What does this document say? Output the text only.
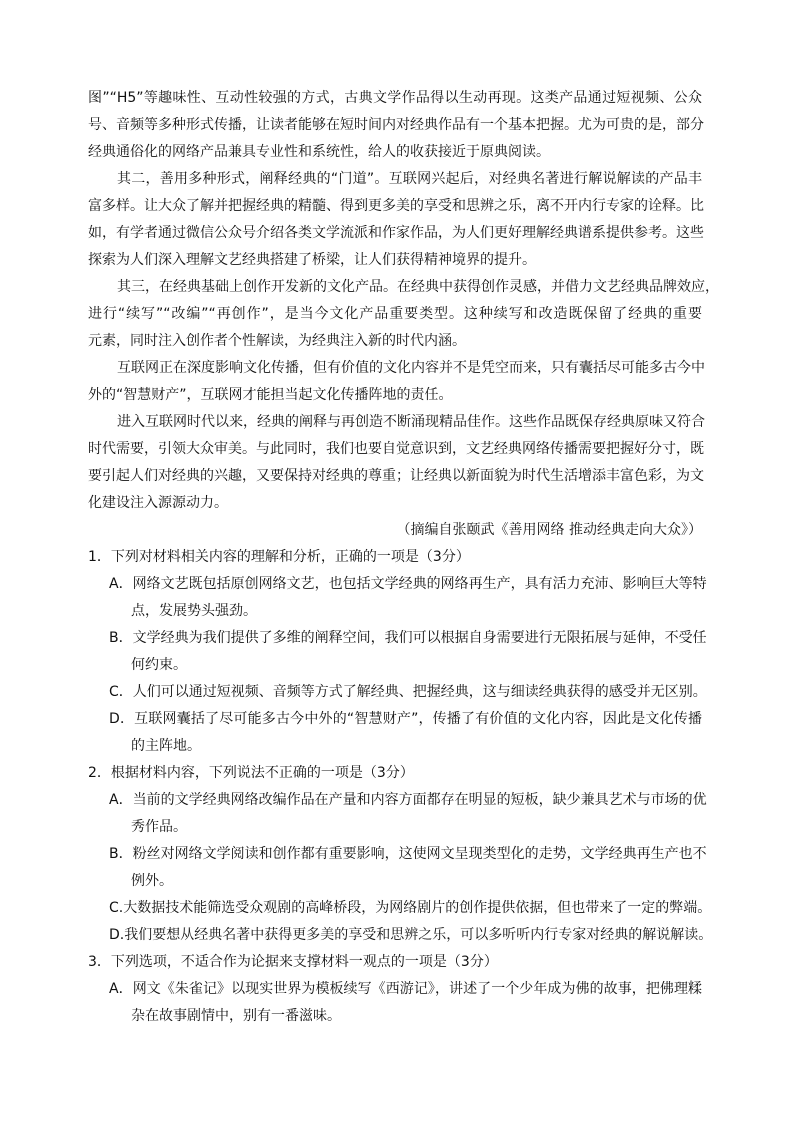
图”“H5”等趣味性、互动性较强的方式，古典文学作品得以生动再现。这类产品通过短视频、公众
号、音频等多种形式传播，让读者能够在短时间内对经典作品有一个基本把握。尤为可贵的是，部分
经典通俗化的网络产品兼具专业性和系统性，给人的收获接近于原典阅读。
其二，善用多种形式，阐释经典的“门道”。互联网兴起后，对经典名著进行解说解读的产品丰
富多样。让大众了解并把握经典的精髓、得到更多美的享受和思辨之乐，离不开内行专家的诠释。比
如，有学者通过微信公众号介绍各类文学流派和作家作品，为人们更好理解经典谱系提供参考。这些
探索为人们深入理解文艺经典搭建了桥梁，让人们获得精神境界的提升。
其三，在经典基础上创作开发新的文化产品。在经典中获得创作灵感，并借力文艺经典品牌效应，
进行“续写”“改编”“再创作”，是当今文化产品重要类型。这种续写和改造既保留了经典的重要
元素，同时注入创作者个性解读，为经典注入新的时代内涵。
互联网正在深度影响文化传播，但有价值的文化内容并不是凭空而来，只有囊括尽可能多古今中
外的“智慧财产”，互联网才能担当起文化传播阵地的责任。
进入互联网时代以来，经典的阐释与再创造不断涌现精品佳作。这些作品既保存经典原味又符合
时代需要，引领大众审美。与此同时，我们也要自觉意识到，文艺经典网络传播需要把握好分寸，既
要引起人们对经典的兴趣，又要保持对经典的尊重；让经典以新面貌为时代生活增添丰富色彩，为文
化建设注入源源动力。
（摘编自张颐武《善用网络 推动经典走向大众》）
1．下列对材料相关内容的理解和分析，正确的一项是（3分）
A．网络文艺既包括原创网络文艺，也包括文学经典的网络再生产，具有活力充沛、影响巨大等特
点，发展势头强劲。
B．文学经典为我们提供了多维的阐释空间，我们可以根据自身需要进行无限拓展与延伸，不受任
何约束。
C．人们可以通过短视频、音频等方式了解经典、把握经典，这与细读经典获得的感受并无区别。
D．互联网囊括了尽可能多古今中外的“智慧财产”，传播了有价值的文化内容，因此是文化传播
的主阵地。
2．根据材料内容，下列说法不正确的一项是（3分）
A．当前的文学经典网络改编作品在产量和内容方面都存在明显的短板，缺少兼具艺术与市场的优
秀作品。
B．粉丝对网络文学阅读和创作都有重要影响，这使网文呈现类型化的走势，文学经典再生产也不
例外。
C.大数据技术能筛选受众观剧的高峰桥段，为网络剧片的创作提供依据，但也带来了一定的弊端。
D.我们要想从经典名著中获得更多美的享受和思辨之乐，可以多听听内行专家对经典的解说解读。
3．下列选项，不适合作为论据来支撑材料一观点的一项是（3分）
A．网文《朱雀记》以现实世界为模板续写《西游记》，讲述了一个少年成为佛的故事，把佛理糅
杂在故事剧情中，别有一番滋味。
